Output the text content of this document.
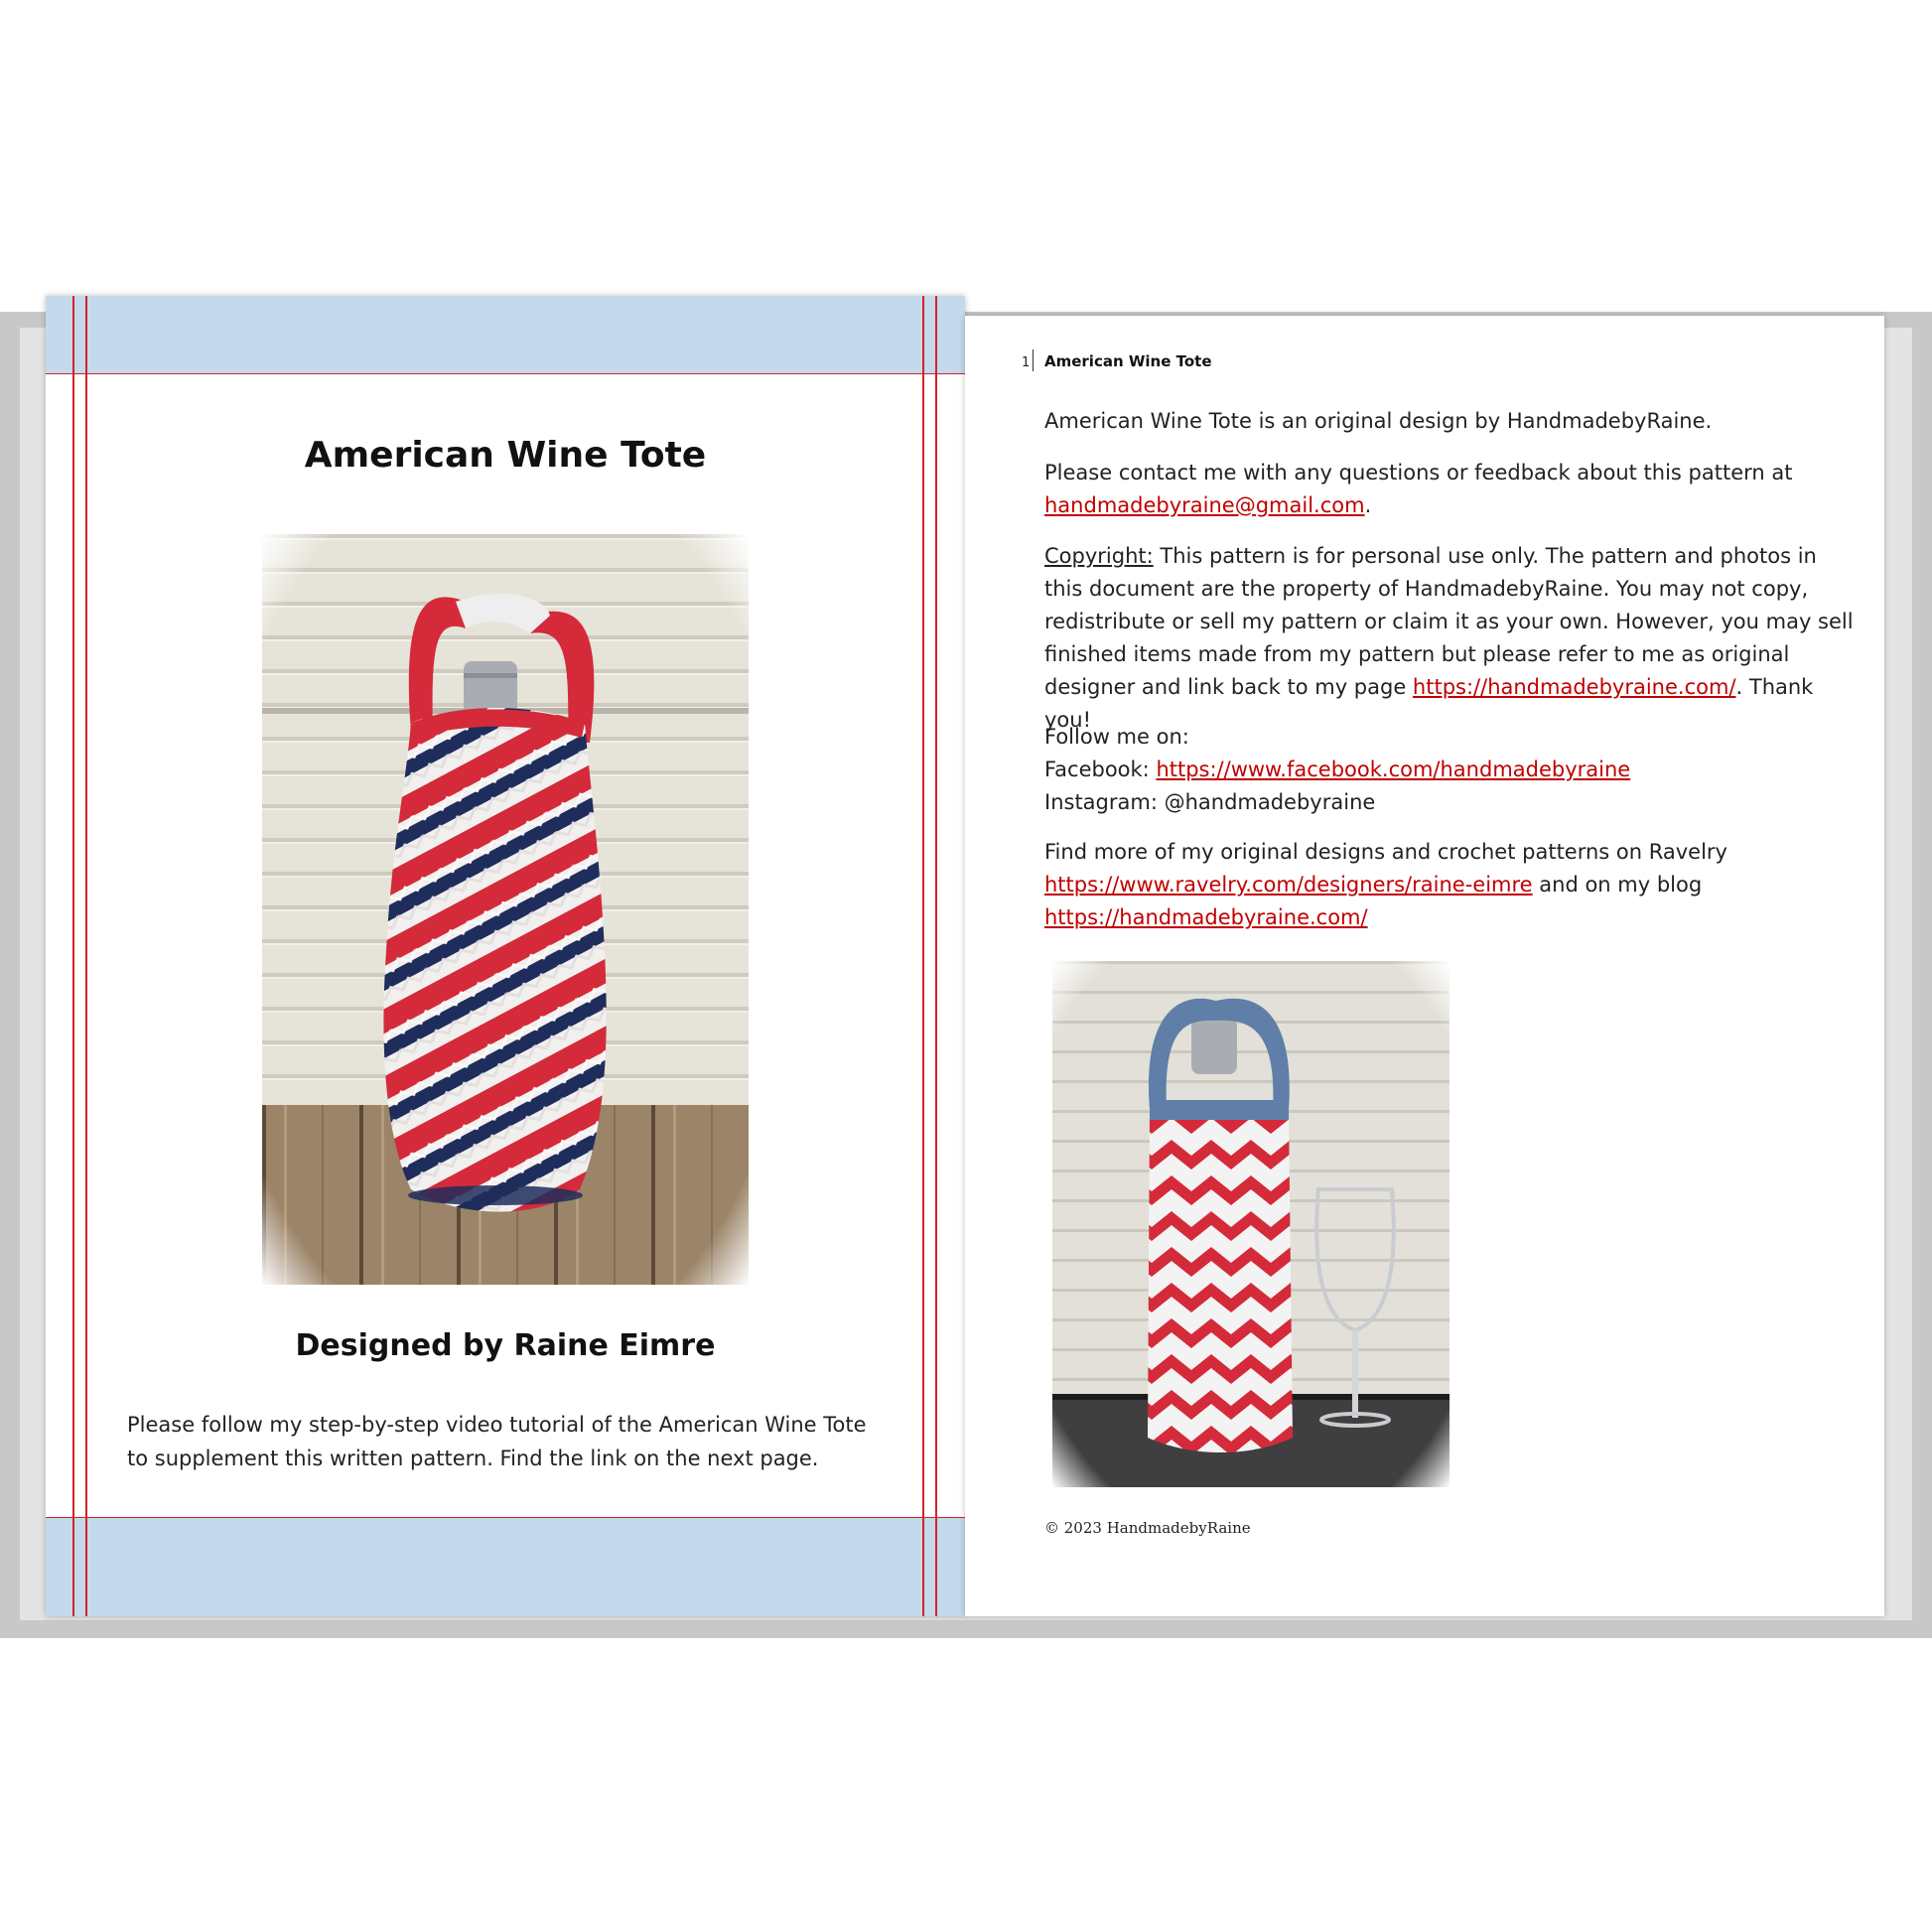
American Wine Tote
Designed by Raine Eimre
Please follow my step-by-step video tutorial of the American Wine Tote to supplement this written pattern. Find the link on the next page.
1 American Wine Tote

American Wine Tote is an original design by HandmadebyRaine.

Please contact me with any questions or feedback about this pattern at
handmadebyraine@gmail.com.

Copyright: This pattern is for personal use only. The pattern and photos in this document are the property of HandmadebyRaine. You may not copy, redistribute or sell my pattern or claim it as your own. However, you may sell finished items made from my pattern but please refer to me as original designer and link back to my page https://handmadebyraine.com/. Thank you!

Follow me on:
Facebook: https://www.facebook.com/handmadebyraine
Instagram: @handmadebyraine

Find more of my original designs and crochet patterns on Ravelry
https://www.ravelry.com/designers/raine-eimre and on my blog
https://handmadebyraine.com/

© 2023 HandmadebyRaine
